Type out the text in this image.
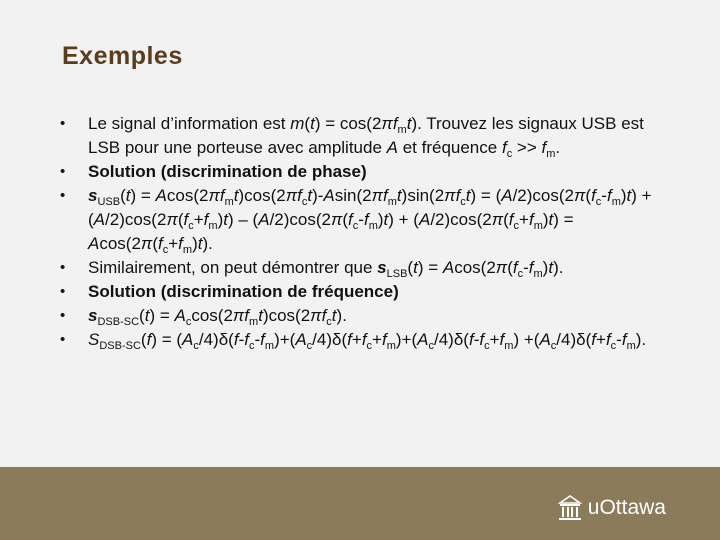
Exemples
• Le signal d’information est $m(t) = \cos(2\pi f_mt)$. Trouvez les signaux USB est LSB pour une porteuse avec amplitude A et fréquence $f_c >> f_m$.
• Solution (discrimination de phase)
• $s_{USB}(t) = Acos(2\pi f_mt)\cos(2\pi f_ct)-Asin(2\pi f_mt)\sin(2\pi f_ct) = (A/2)\cos(2\pi(f_c-f_m)t) + (A/2)\cos(2\pi(f_c+f_m)t) - (A/2)\cos(2\pi(f_c-f_m)t) + (A/2)\cos(2\pi(f_c+f_m)t) = Acos(2\pi(f_c+f_m)t)$.
• Similairement, on peut démontrer que $s_{LSB}(t) = Acos(2\pi(f_c-f_m)t)$.
• Solution (discrimination de fréquence)
• $s_{DSB-SC}(t) = A_c\cos(2\pi f_mt)\cos(2\pi f_ct)$.
• $S_{DSB-SC}(f) = (A_c/4)\delta(f-f_c-f_m)+(A_c/4)\delta(f+f_c+f_m)+(A_c/4)\delta(f-f_c+f_m) +(A_c/4)\delta(f+f_c-f_m)$.
uOttawa
